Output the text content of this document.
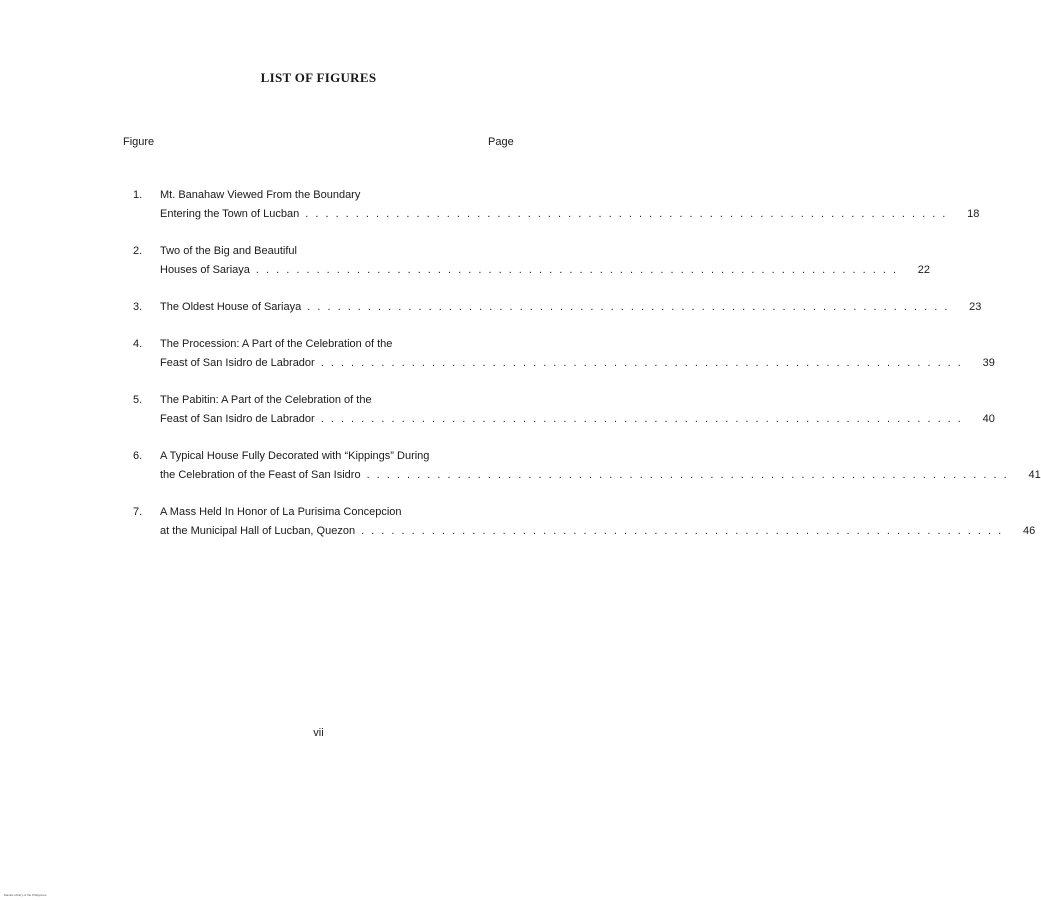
LIST OF FIGURES
Figure	Page
1.	Mt. Banahaw Viewed From the Boundary
Entering the Town of Lucban . . .	18
2.	Two of the Big and Beautiful
Houses of Sariaya . . .	22
3.	The Oldest House of Sariaya . . .	23
4.	The Procession: A Part of the Celebration of the
Feast of San Isidro de Labrador . . .	39
5.	The Pabitin: A Part of the Celebration of the
Feast of San Isidro de Labrador . . .	40
6.	A Typical House Fully Decorated with “Kippings” During
the Celebration of the Feast of San Isidro . . .	41
7.	A Mass Held In Honor of La Purisima Concepcion
at the Municipal Hall of Lucban, Quezon . . .	46
vii
Manila Library of the Philippines
